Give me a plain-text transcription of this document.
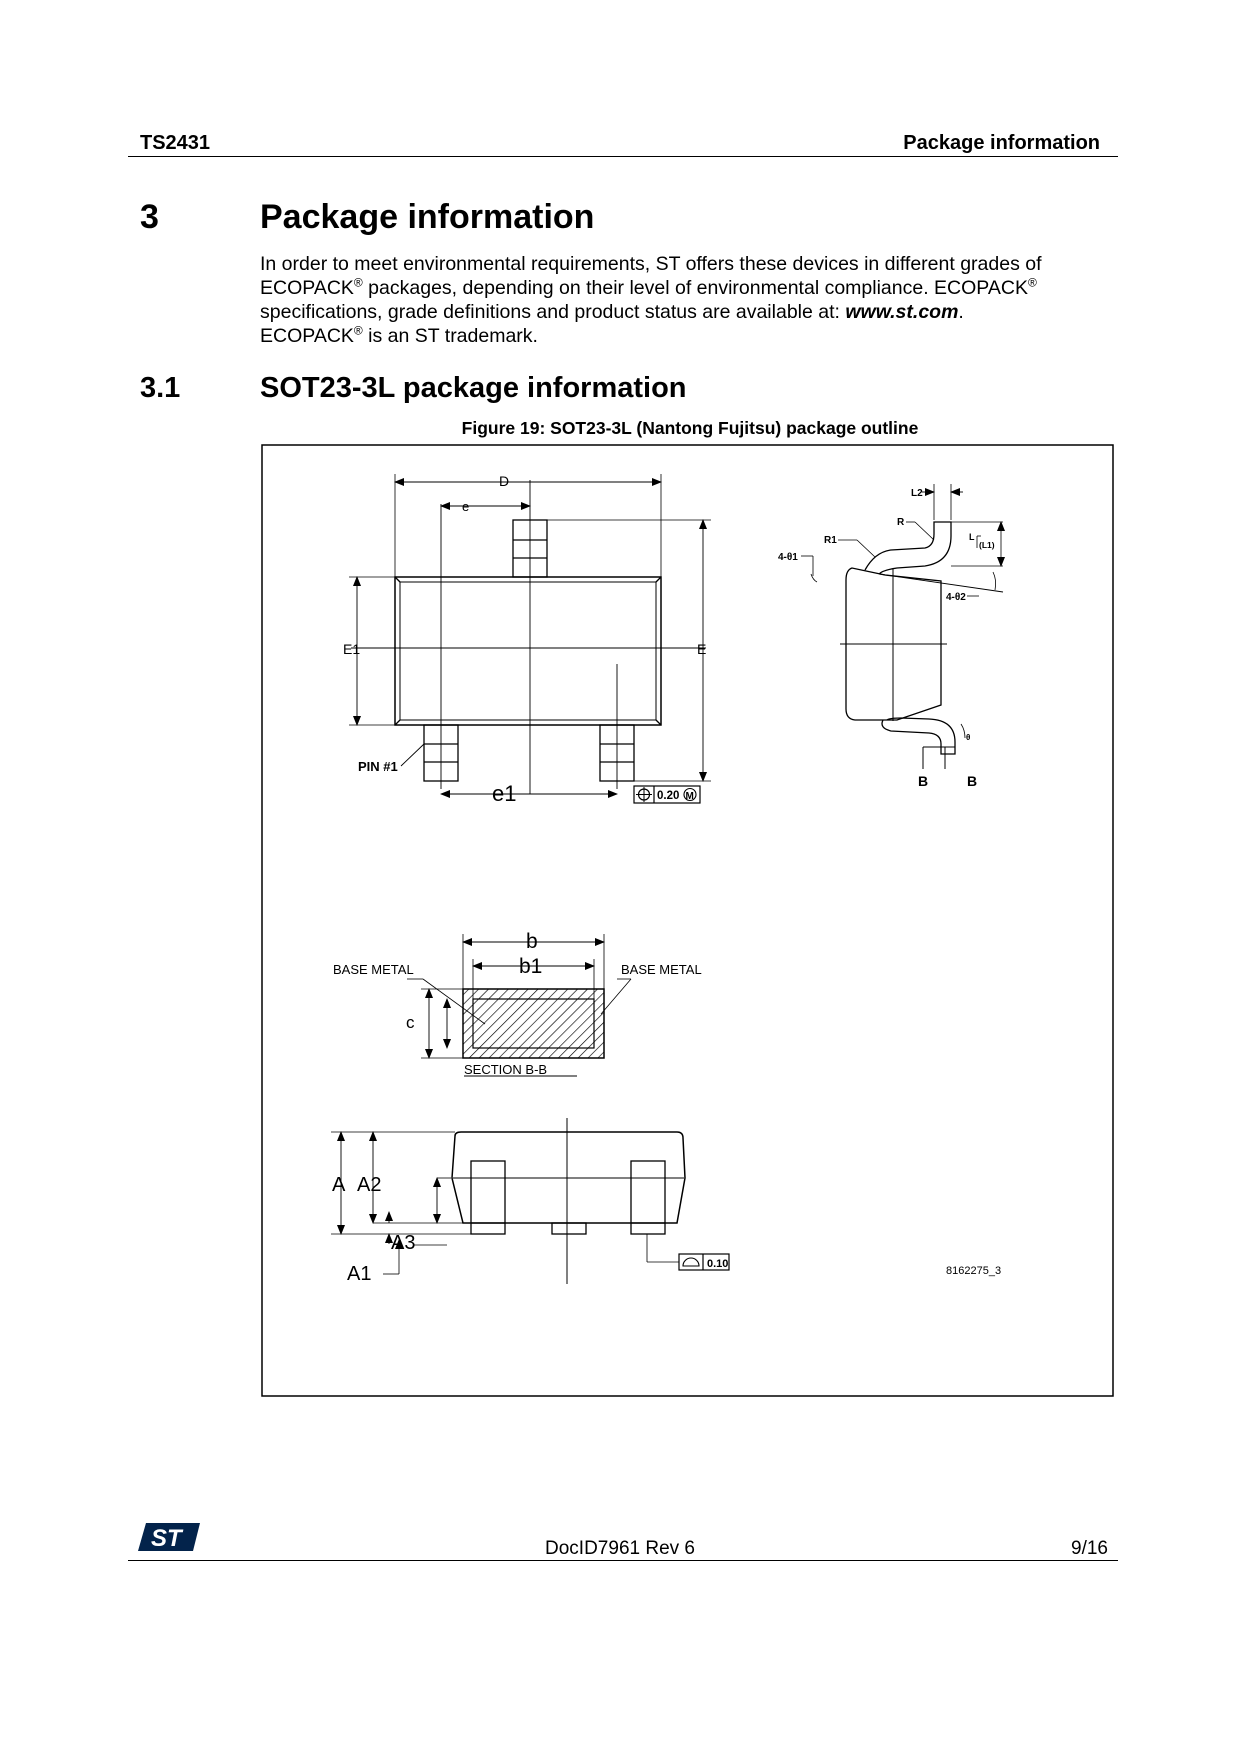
TS2431	Package information
3	Package information

In order to meet environmental requirements, ST offers these devices in different grades of

ECOPACK® packages, depending on their level of environmental compliance. ECOPACK®

specifications, grade definitions and product status are available at: www.st.com.

ECOPACK® is an ST trademark.

3.1	SOT23-3L package information
Figure 19: SOT23-3L (Nantong Fujitsu) package outline
D
e
E1	E
PIN #1
e1	0.20 M
L2
R
R1
4-θ1
L
(L1)
4-θ2
θ
B	B
b
b1
BASE METAL	BASE METAL
c
SECTION B-B
A A2
A3
A1	0.10
8162275_3
ST	DocID7961 Rev 6	9/16
